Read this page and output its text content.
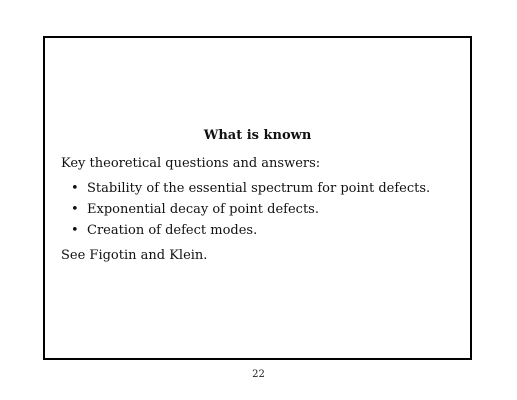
What is known
Key theoretical questions and answers:
• Stability of the essential spectrum for point defects.
• Exponential decay of point defects.
• Creation of defect modes.
See Figotin and Klein.
22
